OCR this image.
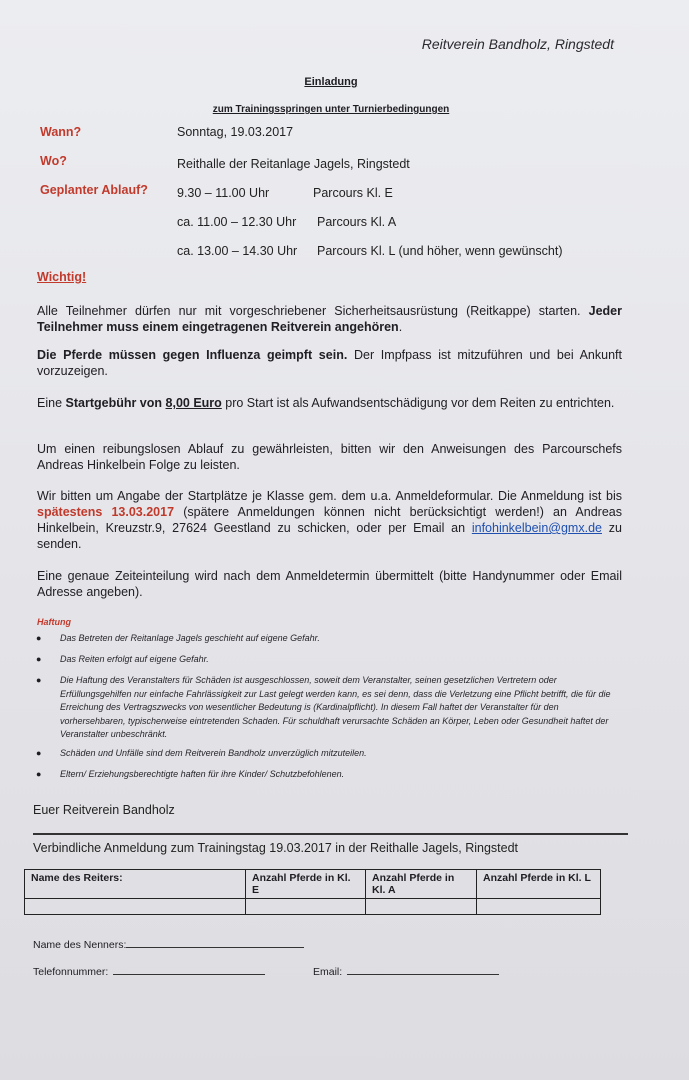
Reitverein Bandholz, Ringstedt
Einladung
zum Trainingsspringen unter Turnierbedingungen
Wann?	Sonntag, 19.03.2017
Wo?	Reithalle der Reitanlage Jagels, Ringstedt
Geplanter Ablauf? 9.30 – 11.00 Uhr	Parcours Kl. E
ca. 11.00 – 12.30 Uhr Parcours Kl. A
ca. 13.00 – 14.30 Uhr Parcours Kl. L (und höher, wenn gewünscht)
Wichtig!
Alle Teilnehmer dürfen nur mit vorgeschriebener Sicherheitsausrüstung (Reitkappe) starten. Jeder Teilnehmer muss einem eingetragenen Reitverein angehören.
Die Pferde müssen gegen Influenza geimpft sein. Der Impfpass ist mitzuführen und bei Ankunft vorzuzeigen.
Eine Startgebühr von 8,00 Euro pro Start ist als Aufwandsentschädigung vor dem Reiten zu entrichten.
Um einen reibungslosen Ablauf zu gewährleisten, bitten wir den Anweisungen des Parcourschefs Andreas Hinkelbein Folge zu leisten.
Wir bitten um Angabe der Startplätze je Klasse gem. dem u.a. Anmeldeformular. Die Anmeldung ist bis spätestens 13.03.2017 (spätere Anmeldungen können nicht berücksichtigt werden!) an Andreas Hinkelbein, Kreuzstr.9, 27624 Geestland zu schicken, oder per Email an infohinkelbein@gmx.de zu senden.
Eine genaue Zeiteinteilung wird nach dem Anmeldetermin übermittelt (bitte Handynummer oder Email Adresse angeben).
Haftung
● Das Betreten der Reitanlage Jagels geschieht auf eigene Gefahr.
● Das Reiten erfolgt auf eigene Gefahr.
● Die Haftung des Veranstalters für Schäden ist ausgeschlossen, soweit dem Veranstalter, seinen gesetzlichen Vertretern oder Erfüllungsgehilfen nur einfache Fahrlässigkeit zur Last gelegt werden kann, es sei denn, dass die Verletzung eine Pflicht betrifft, die für die Erreichung des Vertragszwecks von wesentlicher Bedeutung is (Kardinalpflicht). In diesem Fall haftet der Veranstalter für den vorhersehbaren, typischerweise eintretenden Schaden. Für schuldhaft verursachte Schäden an Körper, Leben oder Gesundheit haftet der Veranstalter unbeschränkt.
● Schäden und Unfälle sind dem Reitverein Bandholz unverzüglich mitzuteilen.
● Eltern/ Erziehungsberechtigte haften für ihre Kinder/ Schutzbefohlenen.
Euer Reitverein Bandholz
Verbindliche Anmeldung zum Trainingstag 19.03.2017 in der Reithalle Jagels, Ringstedt
Name des Reiters:	Anzahl Pferde in Kl. E	Anzahl Pferde in Kl. A	Anzahl Pferde in Kl. L

Name des Nenners:
Telefonnummer:	Email:
